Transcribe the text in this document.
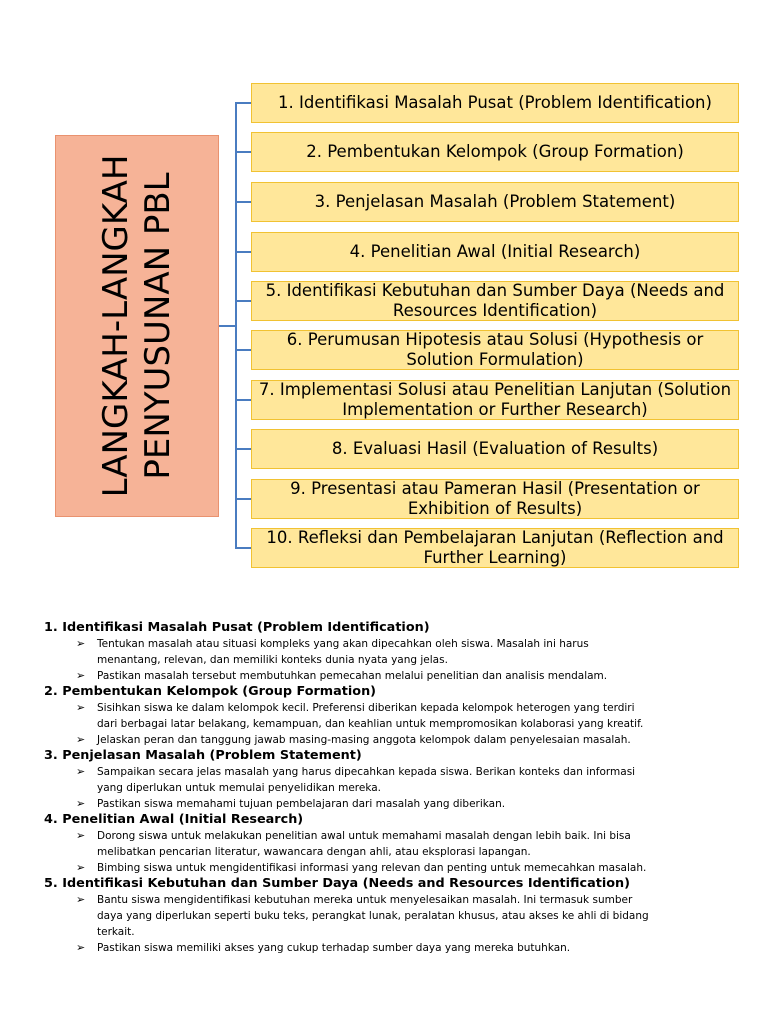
LANGKAH-LANGKAH PENYUSUNAN PBL
1. Identifikasi Masalah Pusat (Problem Identification)
2. Pembentukan Kelompok (Group Formation)
3. Penjelasan Masalah (Problem Statement)
4. Penelitian Awal (Initial Research)
5. Identifikasi Kebutuhan dan Sumber Daya (Needs and Resources Identification)
6. Perumusan Hipotesis atau Solusi (Hypothesis or Solution Formulation)
7. Implementasi Solusi atau Penelitian Lanjutan (Solution Implementation or Further Research)
8. Evaluasi Hasil (Evaluation of Results)
9. Presentasi atau Pameran Hasil (Presentation or Exhibition of Results)
10. Refleksi dan Pembelajaran Lanjutan (Reflection and Further Learning)
1. Identifikasi Masalah Pusat (Problem Identification)
➢ Tentukan masalah atau situasi kompleks yang akan dipecahkan oleh siswa. Masalah ini harus
menantang, relevan, dan memiliki konteks dunia nyata yang jelas.
➢ Pastikan masalah tersebut membutuhkan pemecahan melalui penelitian dan analisis mendalam.
2. Pembentukan Kelompok (Group Formation)
➢ Sisihkan siswa ke dalam kelompok kecil. Preferensi diberikan kepada kelompok heterogen yang terdiri
dari berbagai latar belakang, kemampuan, dan keahlian untuk mempromosikan kolaborasi yang kreatif.
➢ Jelaskan peran dan tanggung jawab masing-masing anggota kelompok dalam penyelesaian masalah.
3. Penjelasan Masalah (Problem Statement)
➢ Sampaikan secara jelas masalah yang harus dipecahkan kepada siswa. Berikan konteks dan informasi
yang diperlukan untuk memulai penyelidikan mereka.
➢ Pastikan siswa memahami tujuan pembelajaran dari masalah yang diberikan.
4. Penelitian Awal (Initial Research)
➢ Dorong siswa untuk melakukan penelitian awal untuk memahami masalah dengan lebih baik. Ini bisa
melibatkan pencarian literatur, wawancara dengan ahli, atau eksplorasi lapangan.
➢ Bimbing siswa untuk mengidentifikasi informasi yang relevan dan penting untuk memecahkan masalah.
5. Identifikasi Kebutuhan dan Sumber Daya (Needs and Resources Identification)
➢ Bantu siswa mengidentifikasi kebutuhan mereka untuk menyelesaikan masalah. Ini termasuk sumber
daya yang diperlukan seperti buku teks, perangkat lunak, peralatan khusus, atau akses ke ahli di bidang
terkait.
➢ Pastikan siswa memiliki akses yang cukup terhadap sumber daya yang mereka butuhkan.
